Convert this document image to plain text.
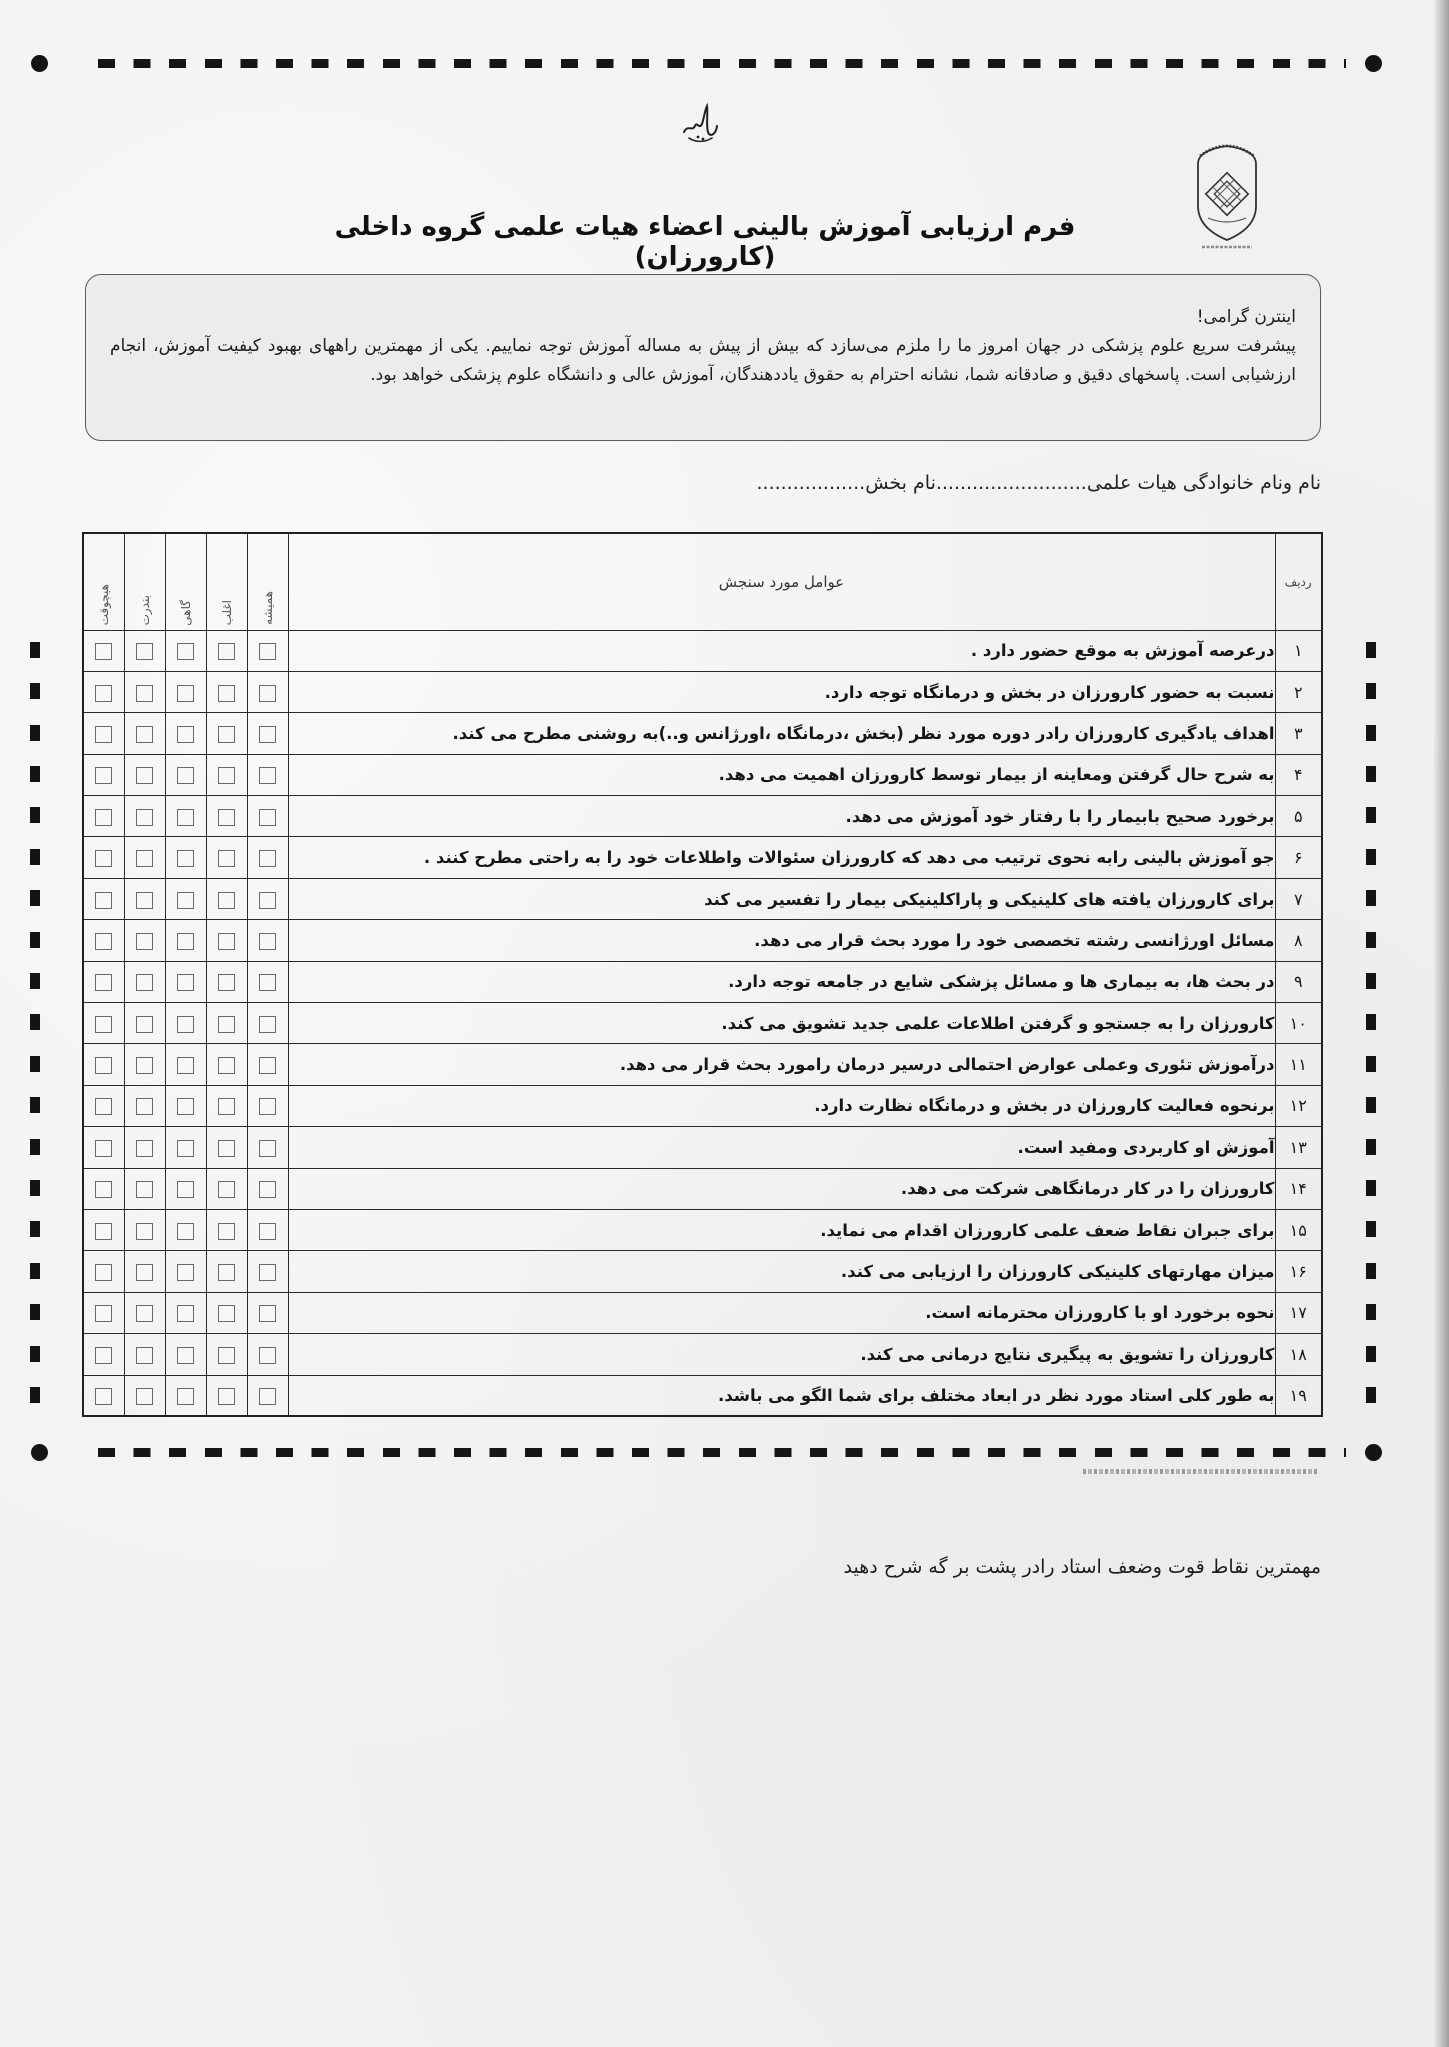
فرم ارزیابی آموزش بالینی اعضاء هیات علمی گروه داخلی (کارورزان)
اینترن گرامی!

پیشرفت سریع علوم پزشکی در جهان امروز ما را ملزم می‌سازد که بیش از پیش به مساله آموزش توجه نماییم. یکی از مهمترین راههای بهبود کیفیت آموزش، انجام ارزشیابی است. پاسخهای دقیق و صادقانه شما، نشانه احترام به حقوق یاددهندگان، آموزش عالی و دانشگاه علوم پزشکی خواهد بود.

نام ونام خانوادگی هیات علمی.........................نام بخش..................
ردیف	عوامل مورد سنجش	همیشه	اغلب	گاهی	بندرت	هیچوقت
۱	درعرصه آموزش به موقع حضور دارد .					
۲	نسبت به حضور کارورزان در بخش و درمانگاه توجه دارد.					
۳	اهداف یادگیری کارورزان رادر دوره مورد نظر (بخش ،درمانگاه ،اورژانس و..)به روشنی مطرح می کند.					
۴	به شرح حال گرفتن ومعاینه از بیمار توسط کارورزان اهمیت می دهد.					
۵	برخورد صحیح بابیمار را با رفتار خود آموزش می دهد.					
۶	جو آموزش بالینی رابه نحوی ترتیب می دهد که کارورزان سئوالات واطلاعات خود را به راحتی مطرح کنند .					
۷	برای کارورزان یافته های کلینیکی و پاراکلینیکی بیمار را تفسیر می کند					
۸	مسائل اورژانسی رشته تخصصی خود را مورد بحث قرار می دهد.					
۹	در بحث ها، به بیماری ها و مسائل پزشکی شایع در جامعه توجه دارد.					
۱۰	کارورزان را به جستجو و گرفتن اطلاعات علمی جدید تشویق می کند.					
۱۱	درآموزش تئوری وعملی عوارض احتمالی درسیر درمان رامورد بحث قرار می دهد.					
۱۲	برنحوه فعالیت کارورزان در بخش و درمانگاه نظارت دارد.					
۱۳	آموزش او کاربردی ومفید است.					
۱۴	کارورزان را در کار درمانگاهی شرکت می دهد.					
۱۵	برای جبران نقاط ضعف علمی کارورزان اقدام می نماید.					
۱۶	میزان مهارتهای کلینیکی کارورزان را ارزیابی می کند.					
۱۷	نحوه برخورد او با کارورزان محترمانه است.					
۱۸	کارورزان را تشویق به پیگیری نتایج درمانی می کند.					
۱۹	به طور کلی استاد مورد نظر در ابعاد مختلف برای شما الگو می باشد.					
مهمترین نقاط قوت وضعف استاد رادر پشت بر گه شرح دهید
